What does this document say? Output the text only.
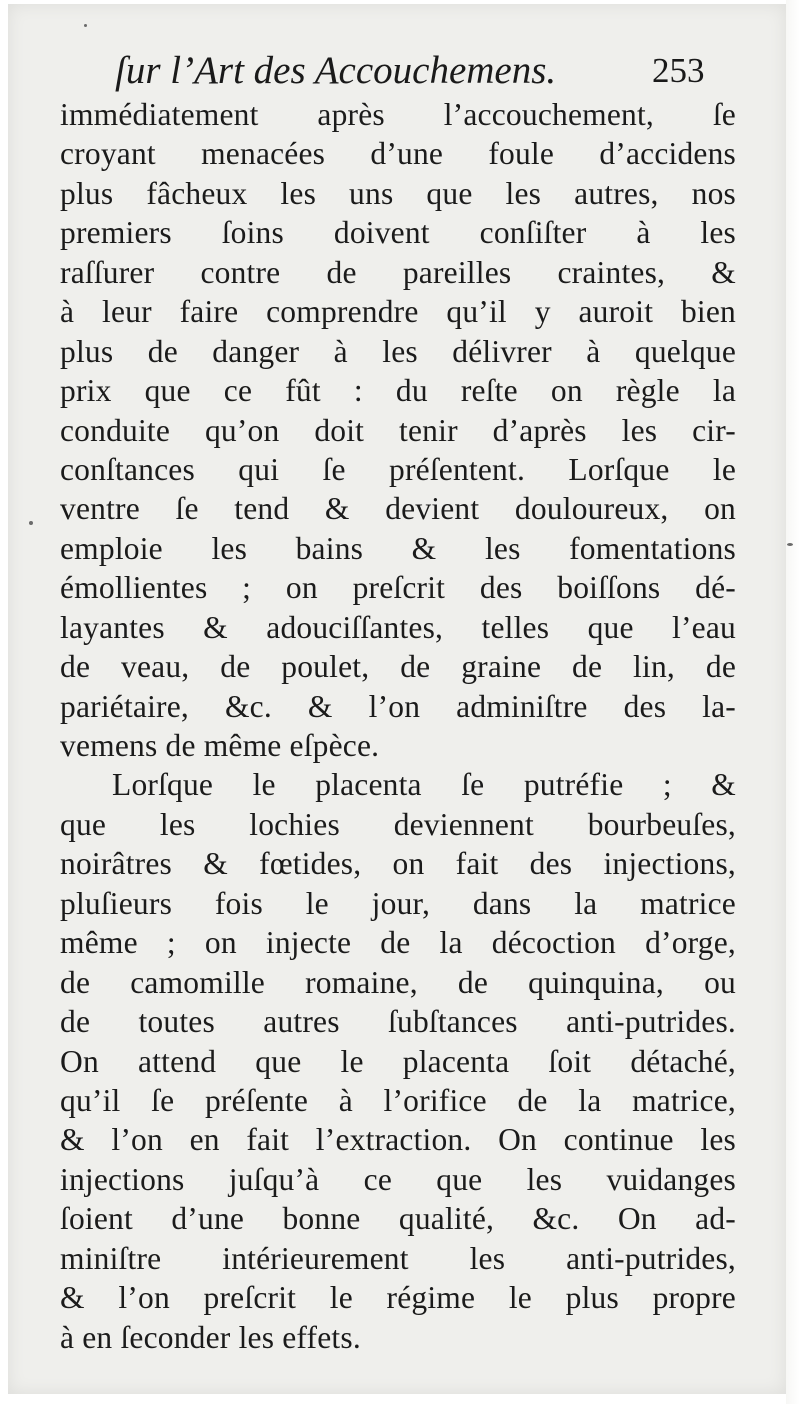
ſur l’Art des Accouchemens.	253
immédiatement après l’accouchement, ſe
croyant menacées d’une foule d’accidens
plus fâcheux les uns que les autres, nos
premiers ſoins doivent conſiſter à les
raſſurer contre de pareilles craintes, &
à leur faire comprendre qu’il y auroit bien
plus de danger à les délivrer à quelque
prix que ce fût : du reſte on règle la
conduite qu’on doit tenir d’après les cir-
conſtances qui ſe préſentent. Lorſque le
ventre ſe tend & devient douloureux, on
emploie les bains & les fomentations
émollientes ; on preſcrit des boiſſons dé-
layantes & adouciſſantes, telles que l’eau
de veau, de poulet, de graine de lin, de
pariétaire, &c. & l’on adminiſtre des la-
vemens de même eſpèce.
Lorſque le placenta ſe putréfie ; &
que les lochies deviennent bourbeuſes,
noirâtres & fœtides, on fait des injections,
pluſieurs fois le jour, dans la matrice
même ; on injecte de la décoction d’orge,
de camomille romaine, de quinquina, ou
de toutes autres ſubſtances anti-putrides.
On attend que le placenta ſoit détaché,
qu’il ſe préſente à l’orifice de la matrice,
& l’on en fait l’extraction. On continue les
injections juſqu’à ce que les vuidanges
ſoient d’une bonne qualité, &c. On ad-
miniſtre intérieurement les anti-putrides,
& l’on preſcrit le régime le plus propre
à en ſeconder les effets.
